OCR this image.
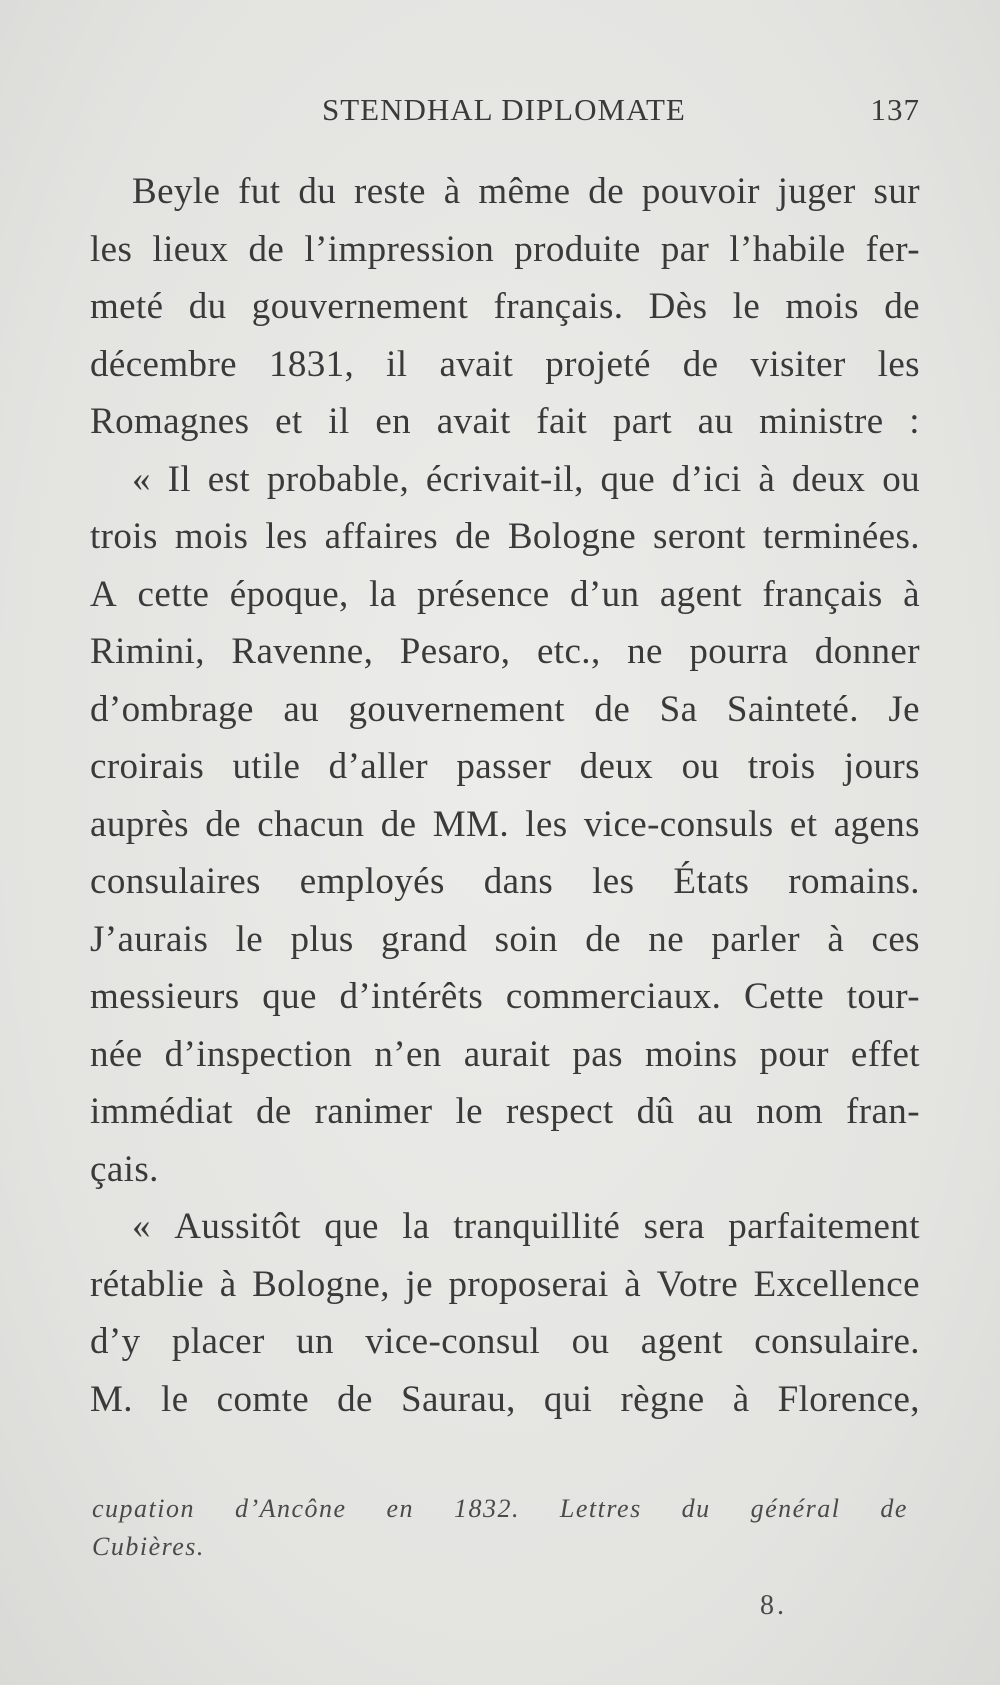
STENDHAL DIPLOMATE	137
Beyle fut du reste à même de pouvoir juger sur
les lieux de l’impression produite par l’habile fer-
meté du gouvernement français. Dès le mois de
décembre 1831, il avait projeté de visiter les
Romagnes et il en avait fait part au ministre :
« Il est probable, écrivait-il, que d’ici à deux ou
trois mois les affaires de Bologne seront terminées.
A cette époque, la présence d’un agent français à
Rimini, Ravenne, Pesaro, etc., ne pourra donner
d’ombrage au gouvernement de Sa Sainteté. Je
croirais utile d’aller passer deux ou trois jours
auprès de chacun de MM. les vice-consuls et agens
consulaires employés dans les États romains.
J’aurais le plus grand soin de ne parler à ces
messieurs que d’intérêts commerciaux. Cette tour-
née d’inspection n’en aurait pas moins pour effet
immédiat de ranimer le respect dû au nom fran-
çais.
« Aussitôt que la tranquillité sera parfaitement
rétablie à Bologne, je proposerai à Votre Excellence
d’y placer un vice-consul ou agent consulaire.
M. le comte de Saurau, qui règne à Florence,
cupation d’Ancône en 1832. Lettres du général de
Cubières.
8.
